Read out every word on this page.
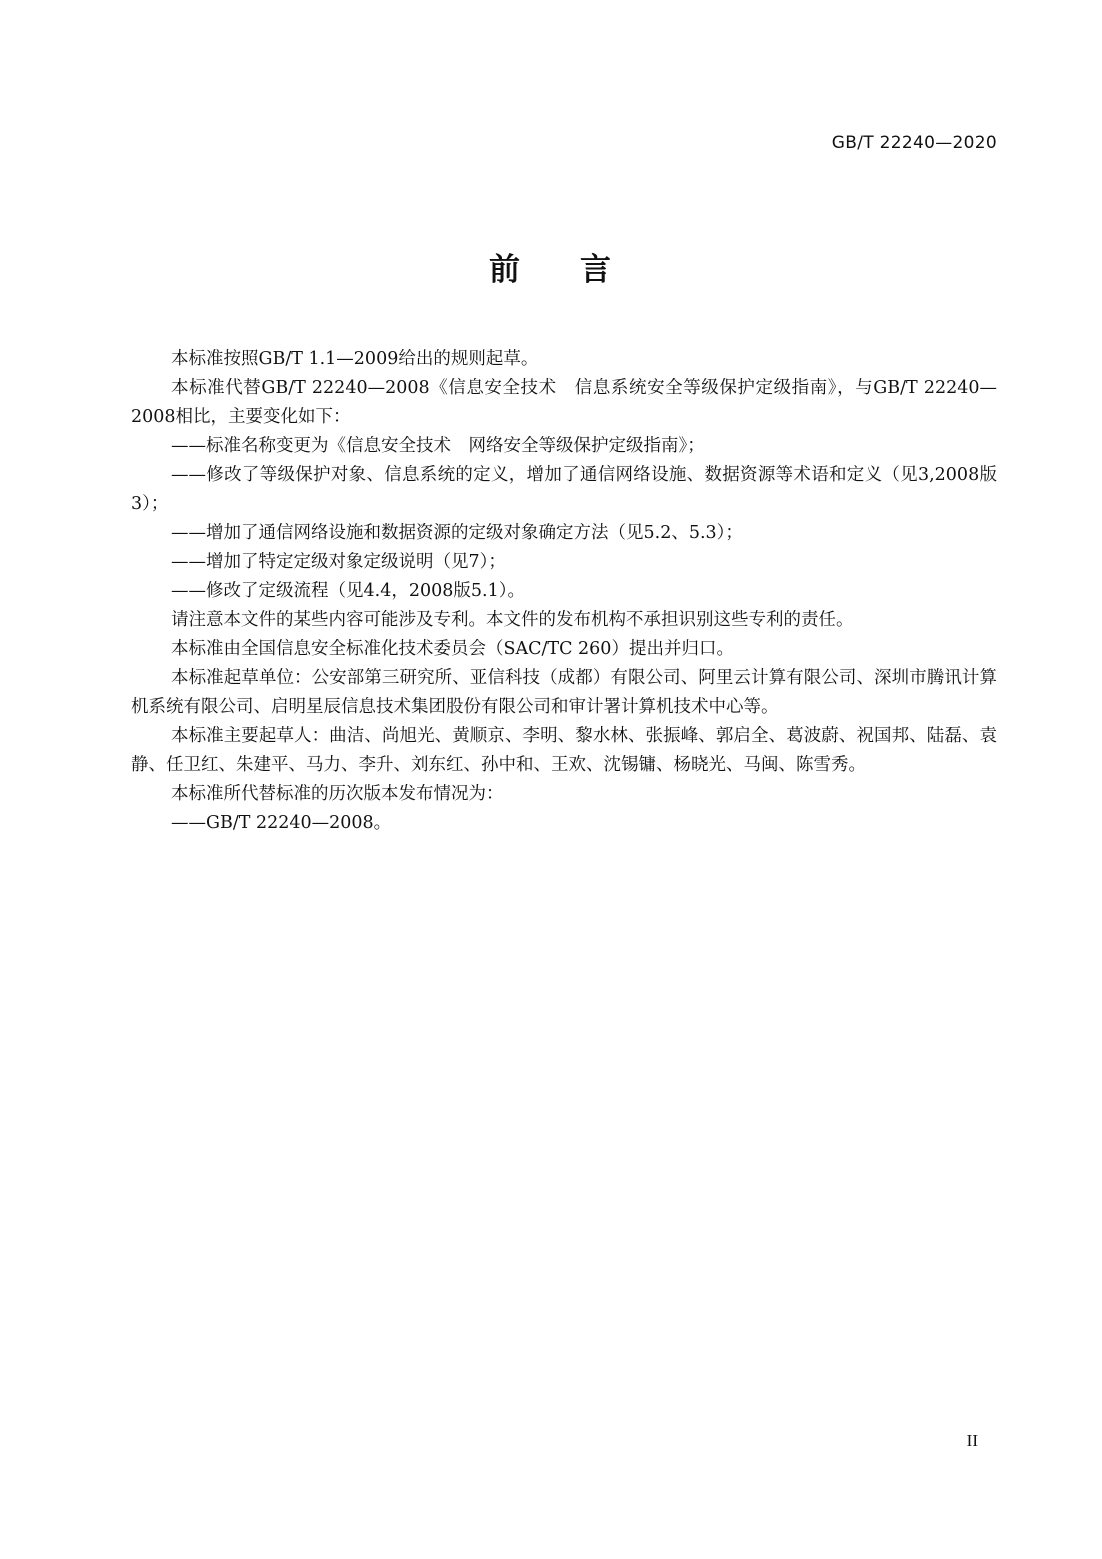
GB/T 22240—2020
前 言

本标准按照GB/T 1.1—2009给出的规则起草。

本标准代替GB/T 22240—2008《信息安全技术　信息系统安全等级保护定级指南》，与GB/T 22240—2008相比，主要变化如下：

——标准名称变更为《信息安全技术　网络安全等级保护定级指南》；

——修改了等级保护对象、信息系统的定义，增加了通信网络设施、数据资源等术语和定义（见3,2008版3）；

——增加了通信网络设施和数据资源的定级对象确定方法（见5.2、5.3）；

——增加了特定定级对象定级说明（见7）；

——修改了定级流程（见4.4，2008版5.1）。

请注意本文件的某些内容可能涉及专利。本文件的发布机构不承担识别这些专利的责任。

本标准由全国信息安全标准化技术委员会（SAC/TC 260）提出并归口。

本标准起草单位：公安部第三研究所、亚信科技（成都）有限公司、阿里云计算有限公司、深圳市腾讯计算机系统有限公司、启明星辰信息技术集团股份有限公司和审计署计算机技术中心等。

本标准主要起草人：曲洁、尚旭光、黄顺京、李明、黎水林、张振峰、郭启全、葛波蔚、祝国邦、陆磊、袁静、任卫红、朱建平、马力、李升、刘东红、孙中和、王欢、沈锡镛、杨晓光、马闽、陈雪秀。

本标准所代替标准的历次版本发布情况为：

——GB/T 22240—2008。

II
